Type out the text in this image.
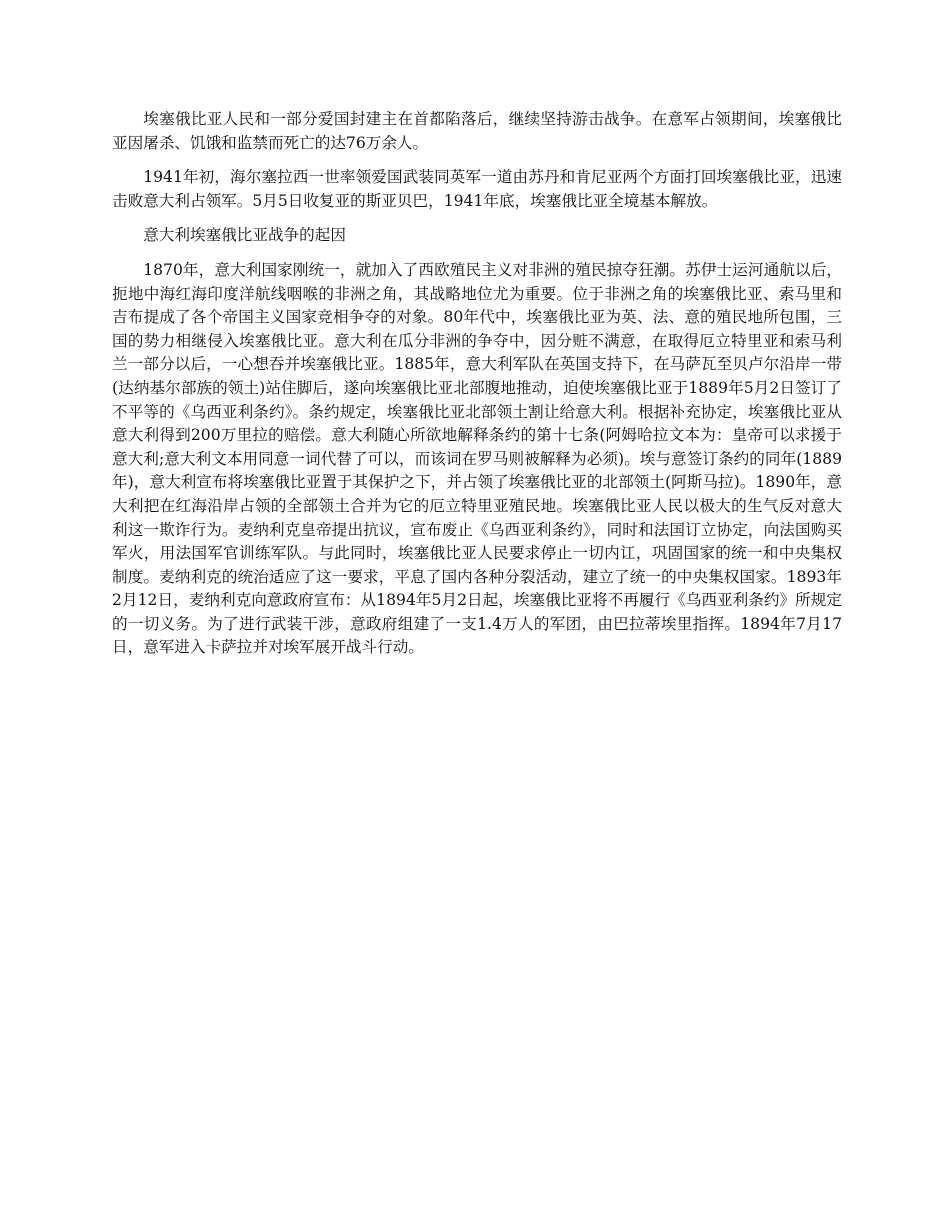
埃塞俄比亚人民和一部分爱国封建主在首都陷落后，继续坚持游击战争。在意军占领期间，埃塞俄比亚因屠杀、饥饿和监禁而死亡的达76万余人。

1941年初，海尔塞拉西一世率领爱国武装同英军一道由苏丹和肯尼亚两个方面打回埃塞俄比亚，迅速击败意大利占领军。5月5日收复亚的斯亚贝巴，1941年底，埃塞俄比亚全境基本解放。

意大利埃塞俄比亚战争的起因

1870年，意大利国家刚统一，就加入了西欧殖民主义对非洲的殖民掠夺狂潮。苏伊士运河通航以后，扼地中海红海印度洋航线咽喉的非洲之角，其战略地位尤为重要。位于非洲之角的埃塞俄比亚、索马里和吉布提成了各个帝国主义国家竞相争夺的对象。80年代中，埃塞俄比亚为英、法、意的殖民地所包围，三国的势力相继侵入埃塞俄比亚。意大利在瓜分非洲的争夺中，因分赃不满意，在取得厄立特里亚和索马利兰一部分以后，一心想吞并埃塞俄比亚。1885年，意大利军队在英国支持下，在马萨瓦至贝卢尔沿岸一带(达纳基尔部族的领土)站住脚后，遂向埃塞俄比亚北部腹地推动，迫使埃塞俄比亚于1889年5月2日签订了不平等的《乌西亚利条约》。条约规定，埃塞俄比亚北部领土割让给意大利。根据补充协定，埃塞俄比亚从意大利得到200万里拉的赔偿。意大利随心所欲地解释条约的第十七条(阿姆哈拉文本为：皇帝可以求援于意大利;意大利文本用同意一词代替了可以，而该词在罗马则被解释为必须)。埃与意签订条约的同年(1889年)，意大利宣布将埃塞俄比亚置于其保护之下，并占领了埃塞俄比亚的北部领土(阿斯马拉)。1890年，意大利把在红海沿岸占领的全部领土合并为它的厄立特里亚殖民地。埃塞俄比亚人民以极大的生气反对意大利这一欺诈行为。麦纳利克皇帝提出抗议，宣布废止《乌西亚利条约》，同时和法国订立协定，向法国购买军火，用法国军官训练军队。与此同时，埃塞俄比亚人民要求停止一切内讧，巩固国家的统一和中央集权制度。麦纳利克的统治适应了这一要求，平息了国内各种分裂活动，建立了统一的中央集权国家。1893年2月12日，麦纳利克向意政府宣布：从1894年5月2日起，埃塞俄比亚将不再履行《乌西亚利条约》所规定的一切义务。为了进行武装干涉，意政府组建了一支1.4万人的军团，由巴拉蒂埃里指挥。1894年7月17日，意军进入卡萨拉并对埃军展开战斗行动。
